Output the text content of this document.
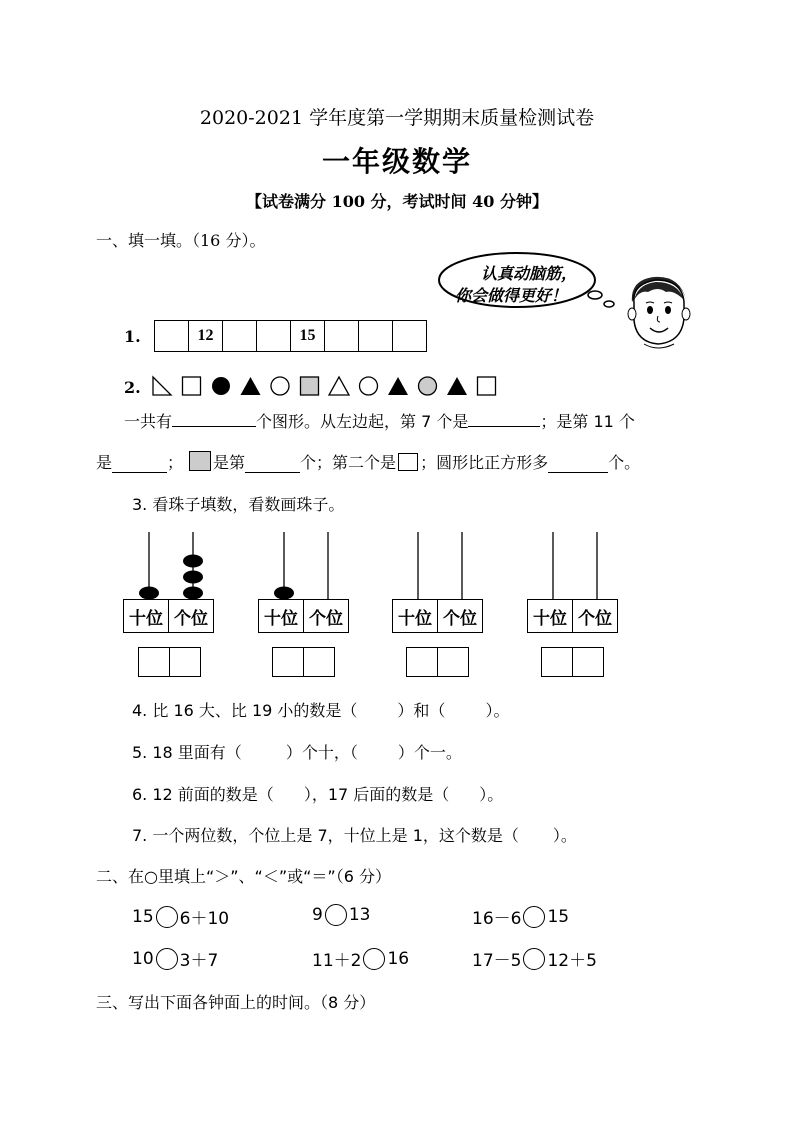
2020-2021 学年度第一学期期末质量检测试卷
一年级数学
【试卷满分 100 分，考试时间 40 分钟】
一、填一填。（16 分）。
认真动脑筋，
你会做得更好！
1.	12	15
2.
一共有	个图形。从左边起，第 7 个是	；是第 11 个
是	； 是第	个；第二个是 ；圆形比正方形多	个。
3. 看珠子填数，看数画珠子。
十位 个位	十位 个位	十位 个位	十位 个位
4. 比 16 大、比 19 小的数是（	）和（	）。
5. 18 里面有（	）个十，（	）个一。
6. 12 前面的数是（ ），17 后面的数是（ ）。
7. 一个两位数，个位上是 7，十位上是 1，这个数是（ ）。
二、在○里填上“＞”、“＜”或“＝”（6 分）
15 6＋10	9 13	16－6 15
10 3＋7	11＋2 16	17－5 12＋5
三、写出下面各钟面上的时间。（8 分）
